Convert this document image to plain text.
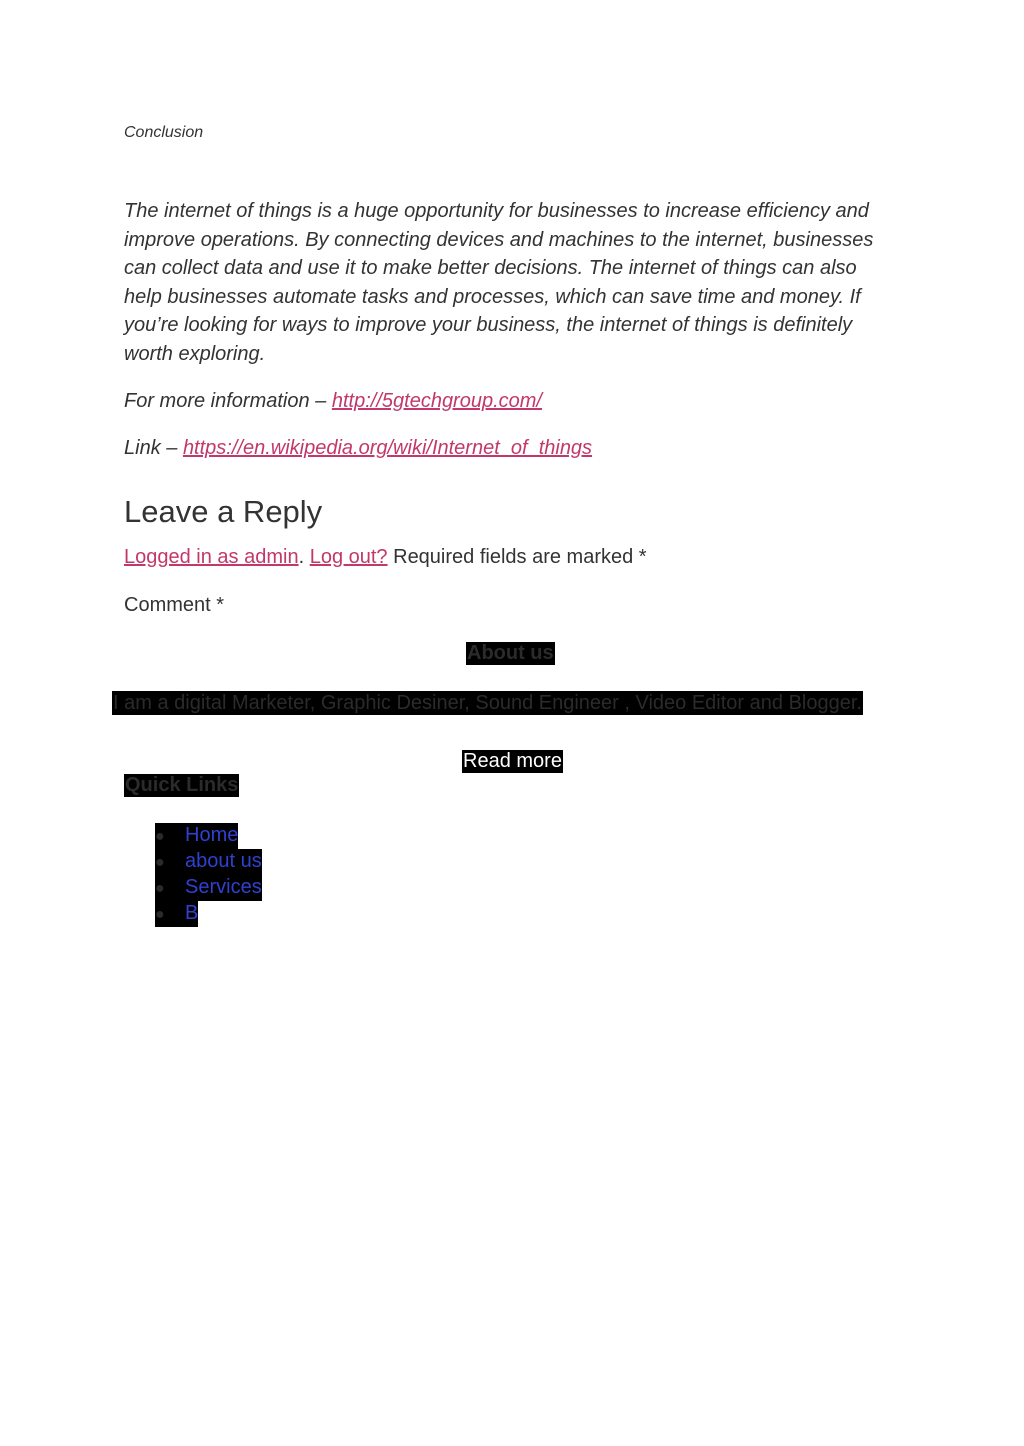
Conclusion

The internet of things is a huge opportunity for businesses to increase efficiency and improve operations. By connecting devices and machines to the internet, businesses can collect data and use it to make better decisions. The internet of things can also help businesses automate tasks and processes, which can save time and money. If you’re looking for ways to improve your business, the internet of things is definitely worth exploring.

For more information – http://5gtechgroup.com/

Link – https://en.wikipedia.org/wiki/Internet_of_things

Leave a Reply
Logged in as admin. Log out? Required fields are marked *
Comment *
About us
I am a digital Marketer, Graphic Desiner, Sound Engineer , Video Editor and Blogger.
Read more
Quick Links
● Home
● about us
● Services
● B
